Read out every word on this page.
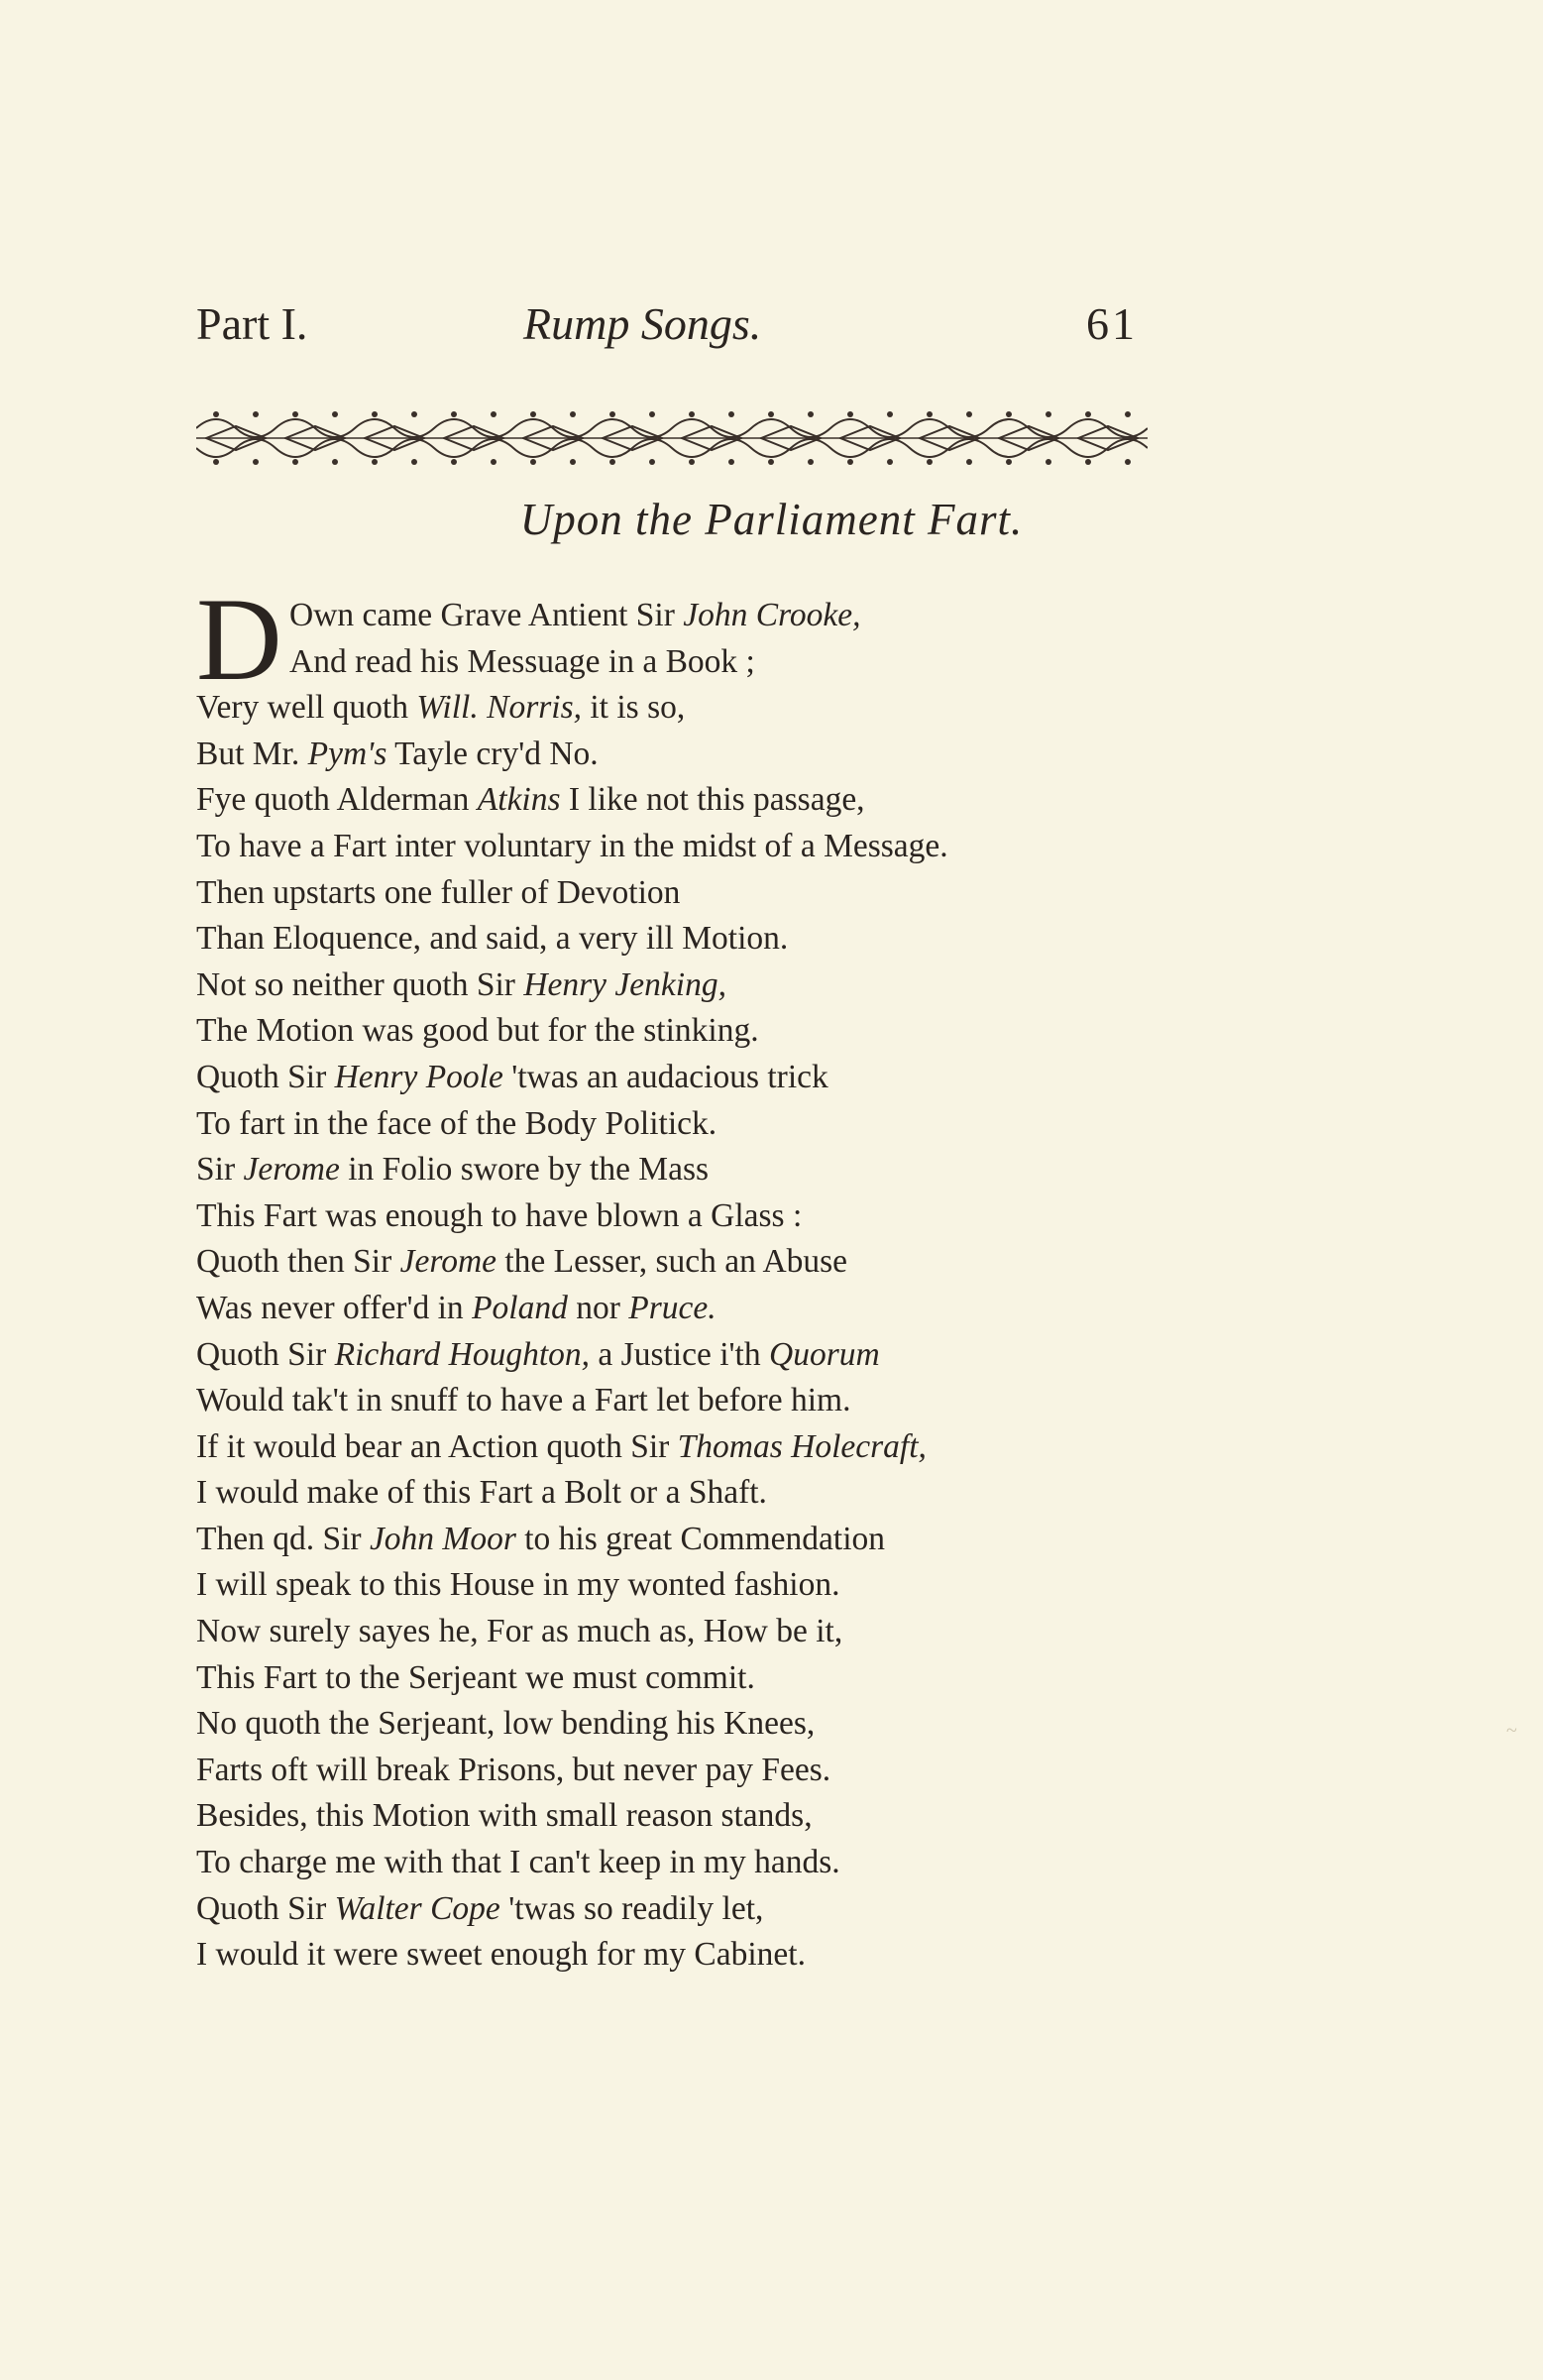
Part I.	Rump Songs.	61
Upon the Parliament Fart.
D Own came Grave Antient Sir John Crooke,
And read his Messuage in a Book ;
Very well quoth Will. Norris, it is so,
But Mr. Pym's Tayle cry'd No.
Fye quoth Alderman Atkins I like not this passage,
To have a Fart inter voluntary in the midst of a Message.
Then upstarts one fuller of Devotion
Than Eloquence, and said, a very ill Motion.
Not so neither quoth Sir Henry Jenking,
The Motion was good but for the stinking.
Quoth Sir Henry Poole 'twas an audacious trick
To fart in the face of the Body Politick.
Sir Jerome in Folio swore by the Mass
This Fart was enough to have blown a Glass :
Quoth then Sir Jerome the Lesser, such an Abuse
Was never offer'd in Poland nor Pruce.
Quoth Sir Richard Houghton, a Justice i'th Quorum
Would tak't in snuff to have a Fart let before him.
If it would bear an Action quoth Sir Thomas Holecraft,
I would make of this Fart a Bolt or a Shaft.
Then qd. Sir John Moor to his great Commendation
I will speak to this House in my wonted fashion.
Now surely sayes he, For as much as, How be it,
This Fart to the Serjeant we must commit.
No quoth the Serjeant, low bending his Knees,
Farts oft will break Prisons, but never pay Fees.
Besides, this Motion with small reason stands,
To charge me with that I can't keep in my hands.
Quoth Sir Walter Cope 'twas so readily let,
I would it were sweet enough for my Cabinet.
~
